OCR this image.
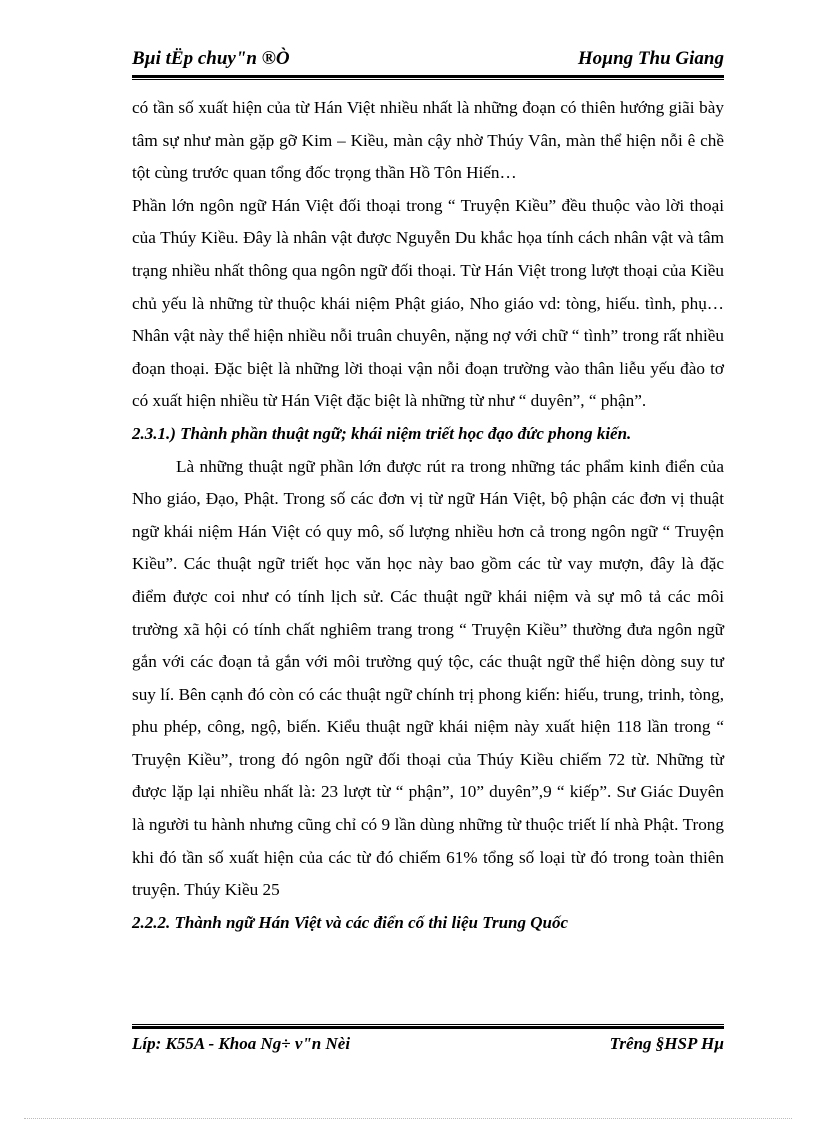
Bµi tËp chuy"n ®Ò	Hoµng Thu Giang

có tần số xuất hiện của từ Hán Việt nhiều nhất là những đoạn có thiên hướng giãi bày tâm sự như màn gặp gỡ Kim – Kiều, màn cậy nhờ Thúy Vân, màn thể hiện nỗi ê chề tột cùng trước quan tổng đốc trọng thần Hồ Tôn Hiến…

Phần lớn ngôn ngữ Hán Việt đối thoại trong “ Truyện Kiều” đều thuộc vào lời thoại của Thúy Kiều. Đây là nhân vật được Nguyễn Du khắc họa tính cách nhân vật và tâm trạng nhiều nhất thông qua ngôn ngữ đối thoại. Từ Hán Việt trong lượt thoại của Kiều chủ yếu là những từ thuộc khái niệm Phật giáo, Nho giáo vd: tòng, hiếu. tình, phụ…Nhân vật này thể hiện nhiều nỗi truân chuyên, nặng nợ với chữ “ tình” trong rất nhiều đoạn thoại. Đặc biệt là những lời thoại vận nỗi đoạn trường vào thân liễu yếu đào tơ có xuất hiện nhiều từ Hán Việt đặc biệt là những từ như “ duyên”, “ phận”.

2.3.1.) Thành phần thuật ngữ; khái niệm triết học đạo đức phong kiến.

Là những thuật ngữ phần lớn được rút ra trong những tác phẩm kinh điển của Nho giáo, Đạo, Phật. Trong số các đơn vị từ ngữ Hán Việt, bộ phận các đơn vị thuật ngữ khái niệm Hán Việt có quy mô, số lượng nhiều hơn cả trong ngôn ngữ “ Truyện Kiều”. Các thuật ngữ triết học văn học này bao gồm các từ vay mượn, đây là đặc điểm được coi như có tính lịch sử. Các thuật ngữ khái niệm và sự mô tả các môi trường xã hội có tính chất nghiêm trang trong “ Truyện Kiều” thường đưa ngôn ngữ gắn với các đoạn tả gắn với môi trường quý tộc, các thuật ngữ thể hiện dòng suy tư suy lí. Bên cạnh đó còn có các thuật ngữ chính trị phong kiến: hiếu, trung, trinh, tòng, phu phép, công, ngộ, biến. Kiểu thuật ngữ khái niệm này xuất hiện 118 lần trong “ Truyện Kiều”, trong đó ngôn ngữ đối thoại của Thúy Kiều chiếm 72 từ. Những từ được lặp lại nhiều nhất là: 23 lượt từ “ phận”, 10” duyên”,9 “ kiếp”. Sư Giác Duyên là người tu hành nhưng cũng chỉ có 9 lần dùng những từ thuộc triết lí nhà Phật. Trong khi đó tần số xuất hiện của các từ đó chiếm 61% tổng số loại từ đó trong toàn thiên truyện. Thúy Kiều 25

2.2.2. Thành ngữ Hán Việt và các điển cố thi liệu Trung Quốc
Líp: K55A - Khoa Ng÷ v"n Nèi	Trêng §HSP Hµ
